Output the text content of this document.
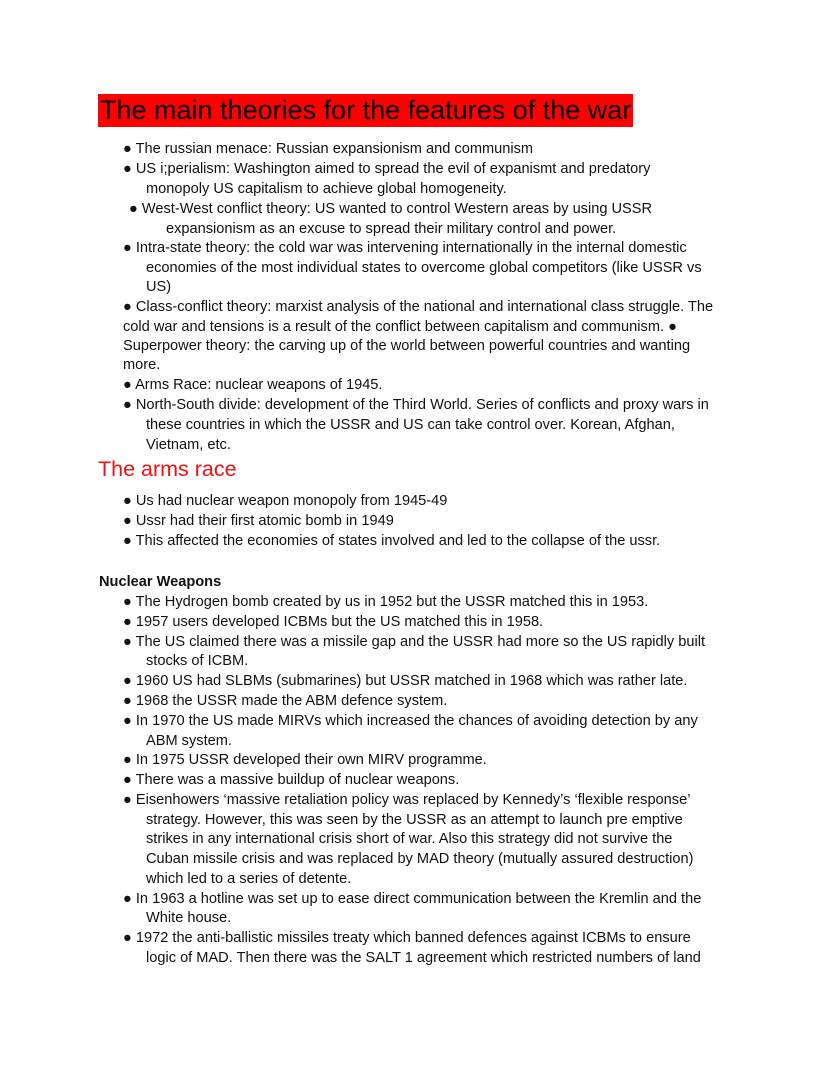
The main theories for the features of the war
● The russian menace: Russian expansionism and communism
● US i;perialism: Washington aimed to spread the evil of expanismt and predatory
monopoly US capitalism to achieve global homogeneity.
● West-West conflict theory: US wanted to control Western areas by using USSR
expansionism as an excuse to spread their military control and power.
● Intra-state theory: the cold war was intervening internationally in the internal domestic
economies of the most individual states to overcome global competitors (like USSR vs
US)
● Class-conflict theory: marxist analysis of the national and international class struggle. The
cold war and tensions is a result of the conflict between capitalism and communism. ●
Superpower theory: the carving up of the world between powerful countries and wanting
more.
● Arms Race: nuclear weapons of 1945.
● North-South divide: development of the Third World. Series of conflicts and proxy wars in
these countries in which the USSR and US can take control over. Korean, Afghan,
Vietnam, etc.
The arms race
● Us had nuclear weapon monopoly from 1945-49
● Ussr had their first atomic bomb in 1949
● This affected the economies of states involved and led to the collapse of the ussr.
Nuclear Weapons
● The Hydrogen bomb created by us in 1952 but the USSR matched this in 1953.
● 1957 users developed ICBMs but the US matched this in 1958.
● The US claimed there was a missile gap and the USSR had more so the US rapidly built
stocks of ICBM.
● 1960 US had SLBMs (submarines) but USSR matched in 1968 which was rather late.
● 1968 the USSR made the ABM defence system.
● In 1970 the US made MIRVs which increased the chances of avoiding detection by any
ABM system.
● In 1975 USSR developed their own MIRV programme.
● There was a massive buildup of nuclear weapons.
● Eisenhowers ‘massive retaliation policy was replaced by Kennedy’s ‘flexible response’
strategy. However, this was seen by the USSR as an attempt to launch pre emptive
strikes in any international crisis short of war. Also this strategy did not survive the
Cuban missile crisis and was replaced by MAD theory (mutually assured destruction)
which led to a series of detente.
● In 1963 a hotline was set up to ease direct communication between the Kremlin and the
White house.
● 1972 the anti-ballistic missiles treaty which banned defences against ICBMs to ensure
logic of MAD. Then there was the SALT 1 agreement which restricted numbers of land
